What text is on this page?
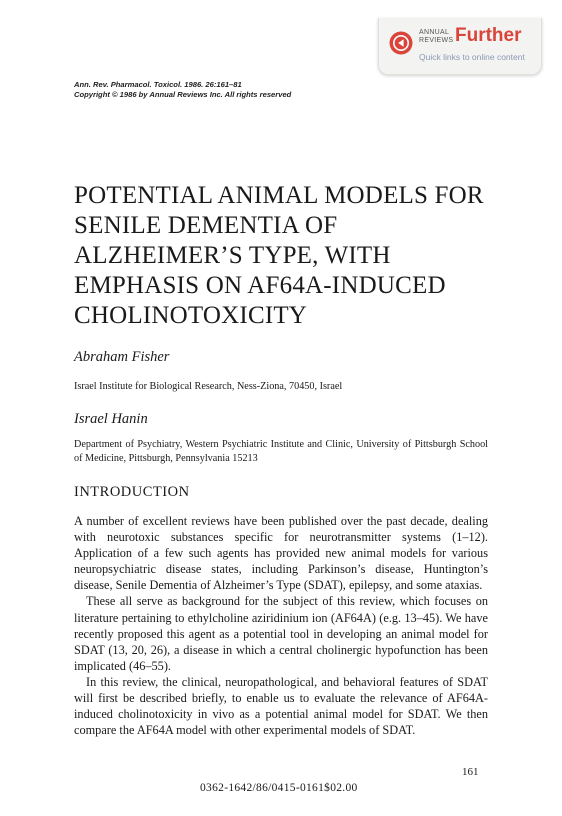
ANNUAL
REVIEWS Further
Quick links to online content
Ann. Rev. Pharmacol. Toxicol. 1986. 26:161–81
Copyright © 1986 by Annual Reviews Inc. All rights reserved
POTENTIAL ANIMAL MODELS FOR
SENILE DEMENTIA OF
ALZHEIMER’S TYPE, WITH
EMPHASIS ON AF64A-INDUCED
CHOLINOTOXICITY
Abraham Fisher
Israel Institute for Biological Research, Ness-Ziona, 70450, Israel
Israel Hanin
Department of Psychiatry, Western Psychiatric Institute and Clinic, University of Pittsburgh School of Medicine, Pittsburgh, Pennsylvania 15213
INTRODUCTION

A number of excellent reviews have been published over the past decade, dealing with neurotoxic substances specific for neurotransmitter systems (1–12). Application of a few such agents has provided new animal models for various neuropsychiatric disease states, including Parkinson’s disease, Huntington’s disease, Senile Dementia of Alzheimer’s Type (SDAT), epilepsy, and some ataxias.

These all serve as background for the subject of this review, which focuses on literature pertaining to ethylcholine aziridinium ion (AF64A) (e.g. 13–45). We have recently proposed this agent as a potential tool in developing an animal model for SDAT (13, 20, 26), a disease in which a central cholinergic hypofunction has been implicated (46–55).

In this review, the clinical, neuropathological, and behavioral features of SDAT will first be described briefly, to enable us to evaluate the relevance of AF64A-induced cholinotoxicity in vivo as a potential animal model for SDAT. We then compare the AF64A model with other experimental models of SDAT.

161
0362-1642/86/0415-0161$02.00
